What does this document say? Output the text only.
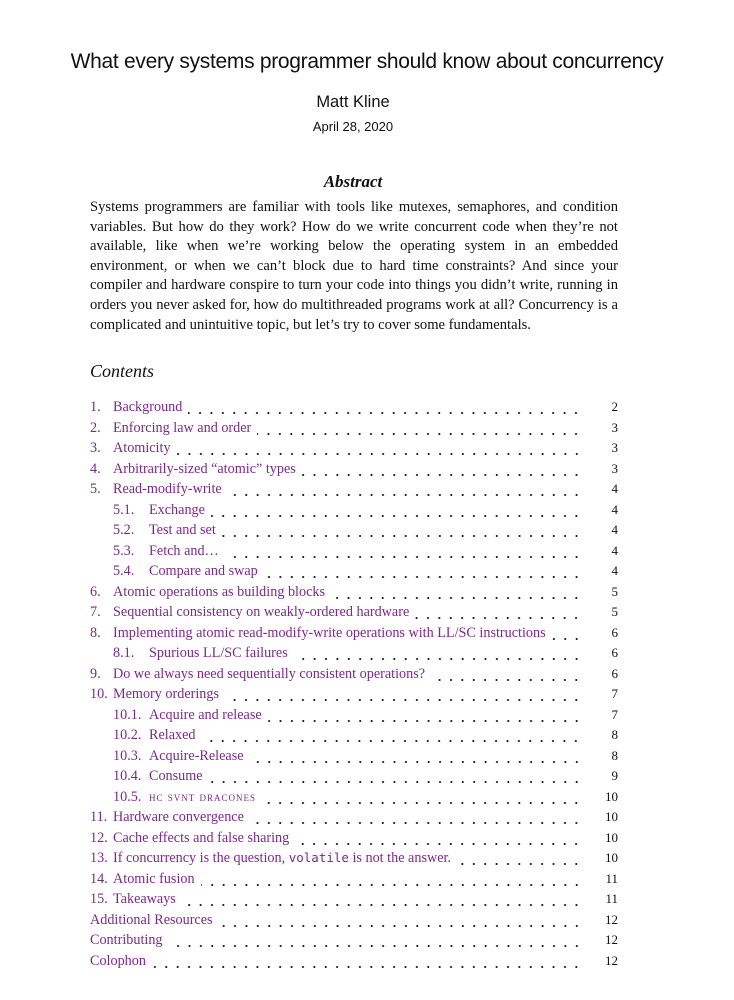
What every systems programmer should know about concurrency
Matt Kline
April 28, 2020
Abstract
Systems programmers are familiar with tools like mutexes, semaphores, and condition variables. But how do they work? How do we write concurrent code when they’re not available, like when we’re working below the operating system in an embedded environment, or when we can’t block due to hard time constraints? And since your compiler and hardware conspire to turn your code into things you didn’t write, running in orders you never asked for, how do multithreaded programs work at all? Concurrency is a complicated and unintuitive topic, but let’s try to cover some fundamentals.
Contents
1. Background	2
2. Enforcing law and order	3
3. Atomicity	3
4. Arbitrarily-sized “atomic” types	3
5. Read-modify-write	4
5.1.	Exchange	4
5.2.	Test and set	4
5.3.	Fetch and…	4
5.4.	Compare and swap	4
6. Atomic operations as building blocks	5
7. Sequential consistency on weakly-ordered hardware	5
8. Implementing atomic read-modify-write operations with LL/SC instructions	6
8.1.	Spurious LL/SC failures	6
9. Do we always need sequentially consistent operations?	6
10. Memory orderings	7
10.1. Acquire and release	7
10.2. Relaxed	8
10.3. Acquire-Release	8
10.4. Consume	9
10.5. hc svnt dracones	10
11. Hardware convergence	10
12. Cache effects and false sharing	10
13. If concurrency is the question, volatile is not the answer.	10
14. Atomic fusion	11
15. Takeaways	11
Additional Resources	12
Contributing	12
Colophon	12
